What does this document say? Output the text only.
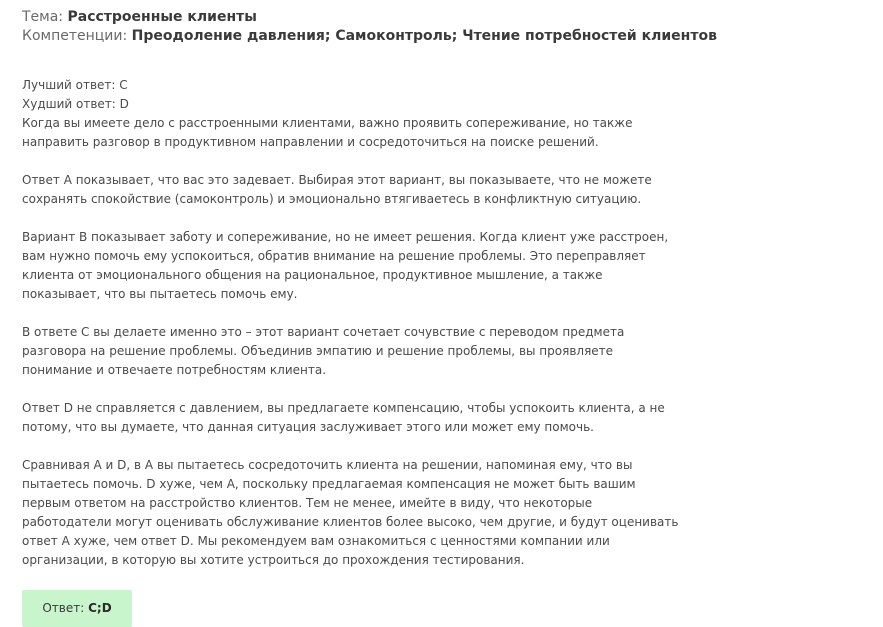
Тема: Расстроенные клиенты
Компетенции: Преодоление давления; Самоконтроль; Чтение потребностей клиентов

Лучший ответ: С

Худший ответ: D

Когда вы имеете дело с расстроенными клиентами, важно проявить сопереживание, но также направить разговор в продуктивном направлении и сосредоточиться на поиске решений.

Ответ А показывает, что вас это задевает. Выбирая этот вариант, вы показываете, что не можете сохранять спокойствие (самоконтроль) и эмоционально втягиваетесь в конфликтную ситуацию.

Вариант В показывает заботу и сопереживание, но не имеет решения. Когда клиент уже расстроен, вам нужно помочь ему успокоиться, обратив внимание на решение проблемы. Это переправляет клиента от эмоционального общения на рациональное, продуктивное мышление, а также показывает, что вы пытаетесь помочь ему.

В ответе С вы делаете именно это – этот вариант сочетает сочувствие с переводом предмета разговора на решение проблемы. Объединив эмпатию и решение проблемы, вы проявляете понимание и отвечаете потребностям клиента.

Ответ D не справляется с давлением, вы предлагаете компенсацию, чтобы успокоить клиента, а не потому, что вы думаете, что данная ситуация заслуживает этого или может ему помочь.

Сравнивая А и D, в А вы пытаетесь сосредоточить клиента на решении, напоминая ему, что вы пытаетесь помочь. D хуже, чем А, поскольку предлагаемая компенсация не может быть вашим первым ответом на расстройство клиентов. Тем не менее, имейте в виду, что некоторые работодатели могут оценивать обслуживание клиентов более высоко, чем другие, и будут оценивать ответ А хуже, чем ответ D. Мы рекомендуем вам ознакомиться с ценностями компании или организации, в которую вы хотите устроиться до прохождения тестирования.

Ответ: C;D
